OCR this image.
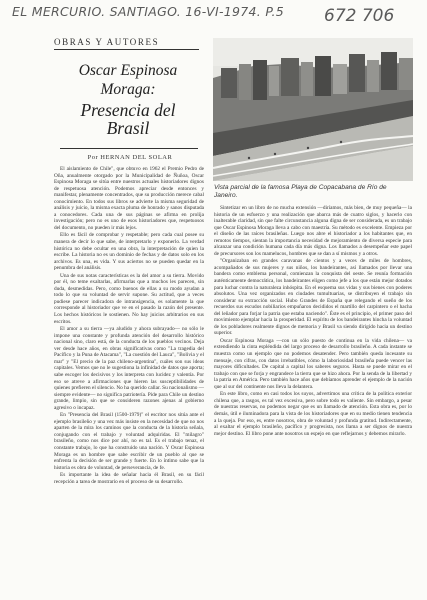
EL MERCURIO. SANTIAGO. 16-VI-1974. P.5	672 706
OBRAS Y AUTORES
Oscar Espinosa
Moraga:
Presencia del Brasil
Por HERNAN DEL SOLAR
Vista parcial de la famosa Playa de Copacabana de Río de Janeiro.

El aislamiento de Chile", que obtuvo en 1962 el Premio Pedro de Oña, anualmente otorgado por la Municipalidad de Ñuñoa, Oscar Espinosa Moraga se sitúa entre nuestros actuales historiadores dignos de respetuosa atención. Podemos apreciar desde entonces y manifestar, plenamente concentrados, que su producción merece cabal conocimiento. En todos sus libros se advierte la misma seguridad de análisis y juicio, la misma exacta pluma de honrado y sanos disputada a conocedores. Cada una de sus páginas se afirma en prolija investigación; pero no es uno de esos historiadores que, respetuosos del documento, no pueden ir más lejos.

Ello es fácil de comprobar y respetable; pero cada cual posee su manera de decir lo que sabe, de interpretarlo y exponerlo. La verdad histórica no debe ocultar en una obra, la interpretación de quien la escribe. La historia no es un dominio de fechas y de datos solo en los archivos. Es una, es vida. Y sus aciertos no se pueden quedar en la penumbra del análisis.

Una de sus notas características es la del amor a su tierra. Movido por él, no teme exaltarlas, afirmarlas que a muchos les parecen, sin duda, desmedidas. Pero, como buenos de ellas a su modo ayudan a todo lo que su voluntad de servir supone. Su actitud, que a veces pudiese parecer indicadora de intransigencia, es solamente la que corresponde al historiador que ve en el pasado la razón del presente. Los hechos históricos le sostienen. No hay juicios arbitrarios en sus escritos.

El amor a su tierra —ya aludido y ahora subrayado— no sólo le impone una constante y profunda atención del desarrollo histórico nacional sino, claro está, de la conducta de los pueblos vecinos. Deja ver desde hace años, en obras significativas como "La tragedia del Pacífico y la Puna de Atacama", "La cuestión del Lauca", "Bolivia y el mar" y "El precio de la paz chileno-argentina", cuáles son sus ideas capitales. Vemos que no le sugestiona la infinidad de datos que aporta; sabe escoger los decisivos y los interpreta con lucidez y valentía. Por eso se atreve a afirmaciones que hieren las susceptibilidades de quienes prefieren el silencio. No ha querido callar. Su nacionalismo —siempre evidente— no significa patriotería. Pide para Chile un destino grande, limpio, sin que se consideren razones ajenas al gobierno agresivo o incapaz.

En "Presencia del Brasil (1500-1979)" el escritor nos sitúa ante el ejemplo brasileño y una vez más insiste en la necesidad de que no nos aparten de la mira los caminos que la conducta de la historia señala, conjugando con el trabajo y voluntad adquiridas. El "milagro" brasileño, como nos dice por ahí, no es tal. Es el trabajo tenaz, el constante trabajo, lo que ha construido una nación. Y Oscar Espinosa Moraga es un hombre que sabe escribir de un pueblo al que se enfrenta la decisión de ser grande y fuerte. En lo íntimo sabe que la historia es obra de voluntad, de perseverancia, de fe.

Es importante la idea de señalar hacia él Brasil, en su fácil recepción a tarea de mostrario en el proceso de su desarrollo.

Sintetizar en un libro de no mucha extensión —diríamos, más bien, de muy pequeña— la historia de un esfuerzo y una realización que abarca más de cuatro siglos, y hacerlo con inalterable claridad, sin que falte circunstancia alguna digna de ser considerada, es un trabajo que Oscar Espinosa Moraga lleva a cabo con maestría. Su método es excelente. Empieza por el diseño de las raíces brasileñas. Luego nos abre el historiador a los habitantes que, en remotos tiempos, sientan la importancia necesidad de mejoramiento de diversa especie para alcanzar una condición humana cada día más digna. Los llamados a desempeñar este papel de precursores son los mamelucos, hombres que se dan a sí mismos y a otros.

"Organizaban en grandes caravanas de cientos y a veces de miles de hombres, acompañados de sus mujeres y sus niños, los bandeirantes, así llamados por llevar una bandera como emblema personal, comienzan la conquista del oeste. Se reunía formación auténticamente democrática, los bandeirantes eligen como jefe a los que están mejor dotados para luchar contra la naturaleza inhóspita. En el esquema sus vidas y sus bienes con poderes absolutos. Una vez organizados en ciudades tumultuarias, se distribuyen el trabajo sin considerar su extracción social. Hubo Grandes de España que relegando el sueño de los recuerdos sus escudos nobiliarios empuñaron decididos el martillo del carpintero o el hacha del leñador para forjar la patria que estaba naciendo". Éste es el principio, el primer paso del movimiento ejemplar hacia la prosperidad. El espíritu de los bandeirantes hincha la voluntad de los pobladores realmente dignos de memoria y Brasil va siendo dirigido hacia un destino superior.

Oscar Espinosa Moraga —con un sólo puesto de continua en la vida chilena— va extendiendo la cinta espléndida del largo proceso de desarrollo brasileño. A cada instante se muestra como un ejemplo que no podemos desatender. Pero también queda incesante su mensaje, con cifras, con datos irrebatibles, cómo la laboriosidad brasileña puede vencer las mayores dificultades. De capital a capital los saberes seguros. Hasta se puede mirar en el trabajo con que se forja y engrandece la tierra que se hizo ahora. Por la senda de la libertad y la patria en América. Pero también hace años que debíamos aprender el ejemplo de la nación que al sur del continente nos lleva la delantera.

En este libro, como en casi todos los suyos, advertimos una crítica de la política exterior chilena que, a rasgos, es tal vez excesiva, pero sobre todo es valiente. Sin embargo, a pesar de nuestras reservas, no podemos negar que es un llamado de atención. Esta obra es, por lo demás, útil e iluminadora para la vista de los historiadores que en su medio tienen tendencia a la queja. Por eso, es, entre nosotros, obra de voluntad y profunda gratitud. Indirectamente, al exaltar el ejemplo brasileño, pacífico y progresista, nos llama a ser dignos de nuestra mejor destino. El libro pone ante nosotros un espejo en que reflejarnos y debemos mirarlo.
